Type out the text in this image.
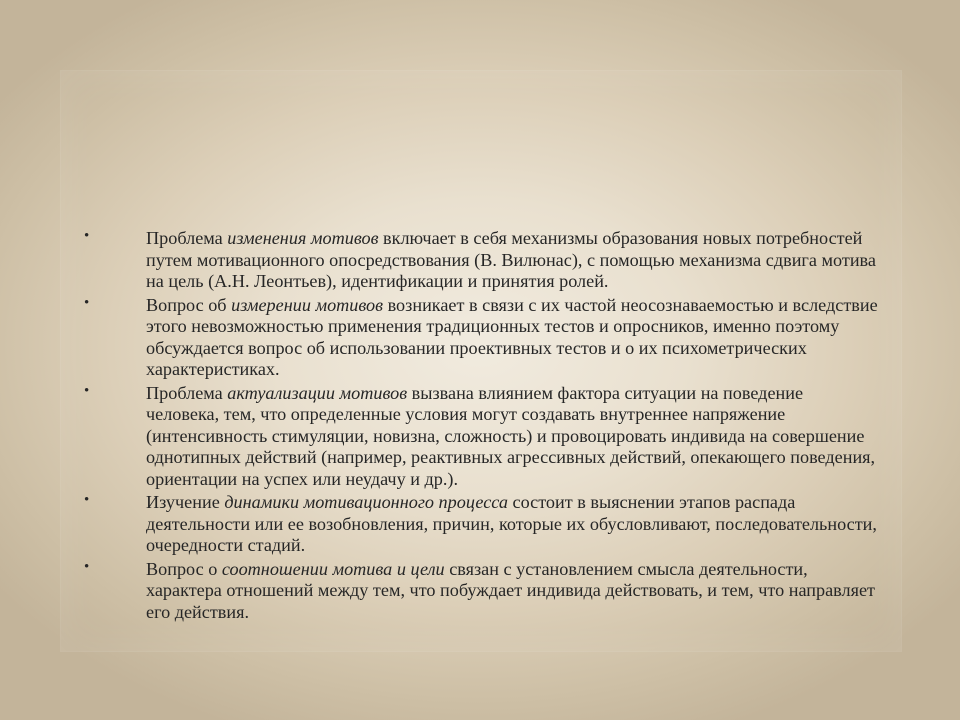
•	Проблема изменения мотивов включает в себя механизмы образования новых потребностей путем мотивационного опосредствования (В. Вилюнас), с помощью механизма сдвига мотива на цель (А.Н. Леонтьев), идентификации и принятия ролей.
•	Вопрос об измерении мотивов возникает в связи с их частой неосознаваемостью и вследствие этого невозможностью применения традиционных тестов и опросников, именно поэтому обсуждается вопрос об использовании проективных тестов и о их психометрических характеристиках.
•	Проблема актуализации мотивов вызвана влиянием фактора ситуации на поведение человека, тем, что определенные условия могут создавать внутреннее напряжение (интенсивность стимуляции, новизна, сложность) и провоцировать индивида на совершение однотипных действий (например, реактивных агрессивных действий, опекающего поведения, ориентации на успех или неудачу и др.).
•	Изучение динамики мотивационного процесса состоит в выяснении этапов распада деятельности или ее возобновления, причин, которые их обусловливают, последовательности, очередности стадий.
•	Вопрос о соотношении мотива и цели связан с установлением смысла деятельности, характера отношений между тем, что побуждает индивида действовать, и тем, что направляет его действия.
